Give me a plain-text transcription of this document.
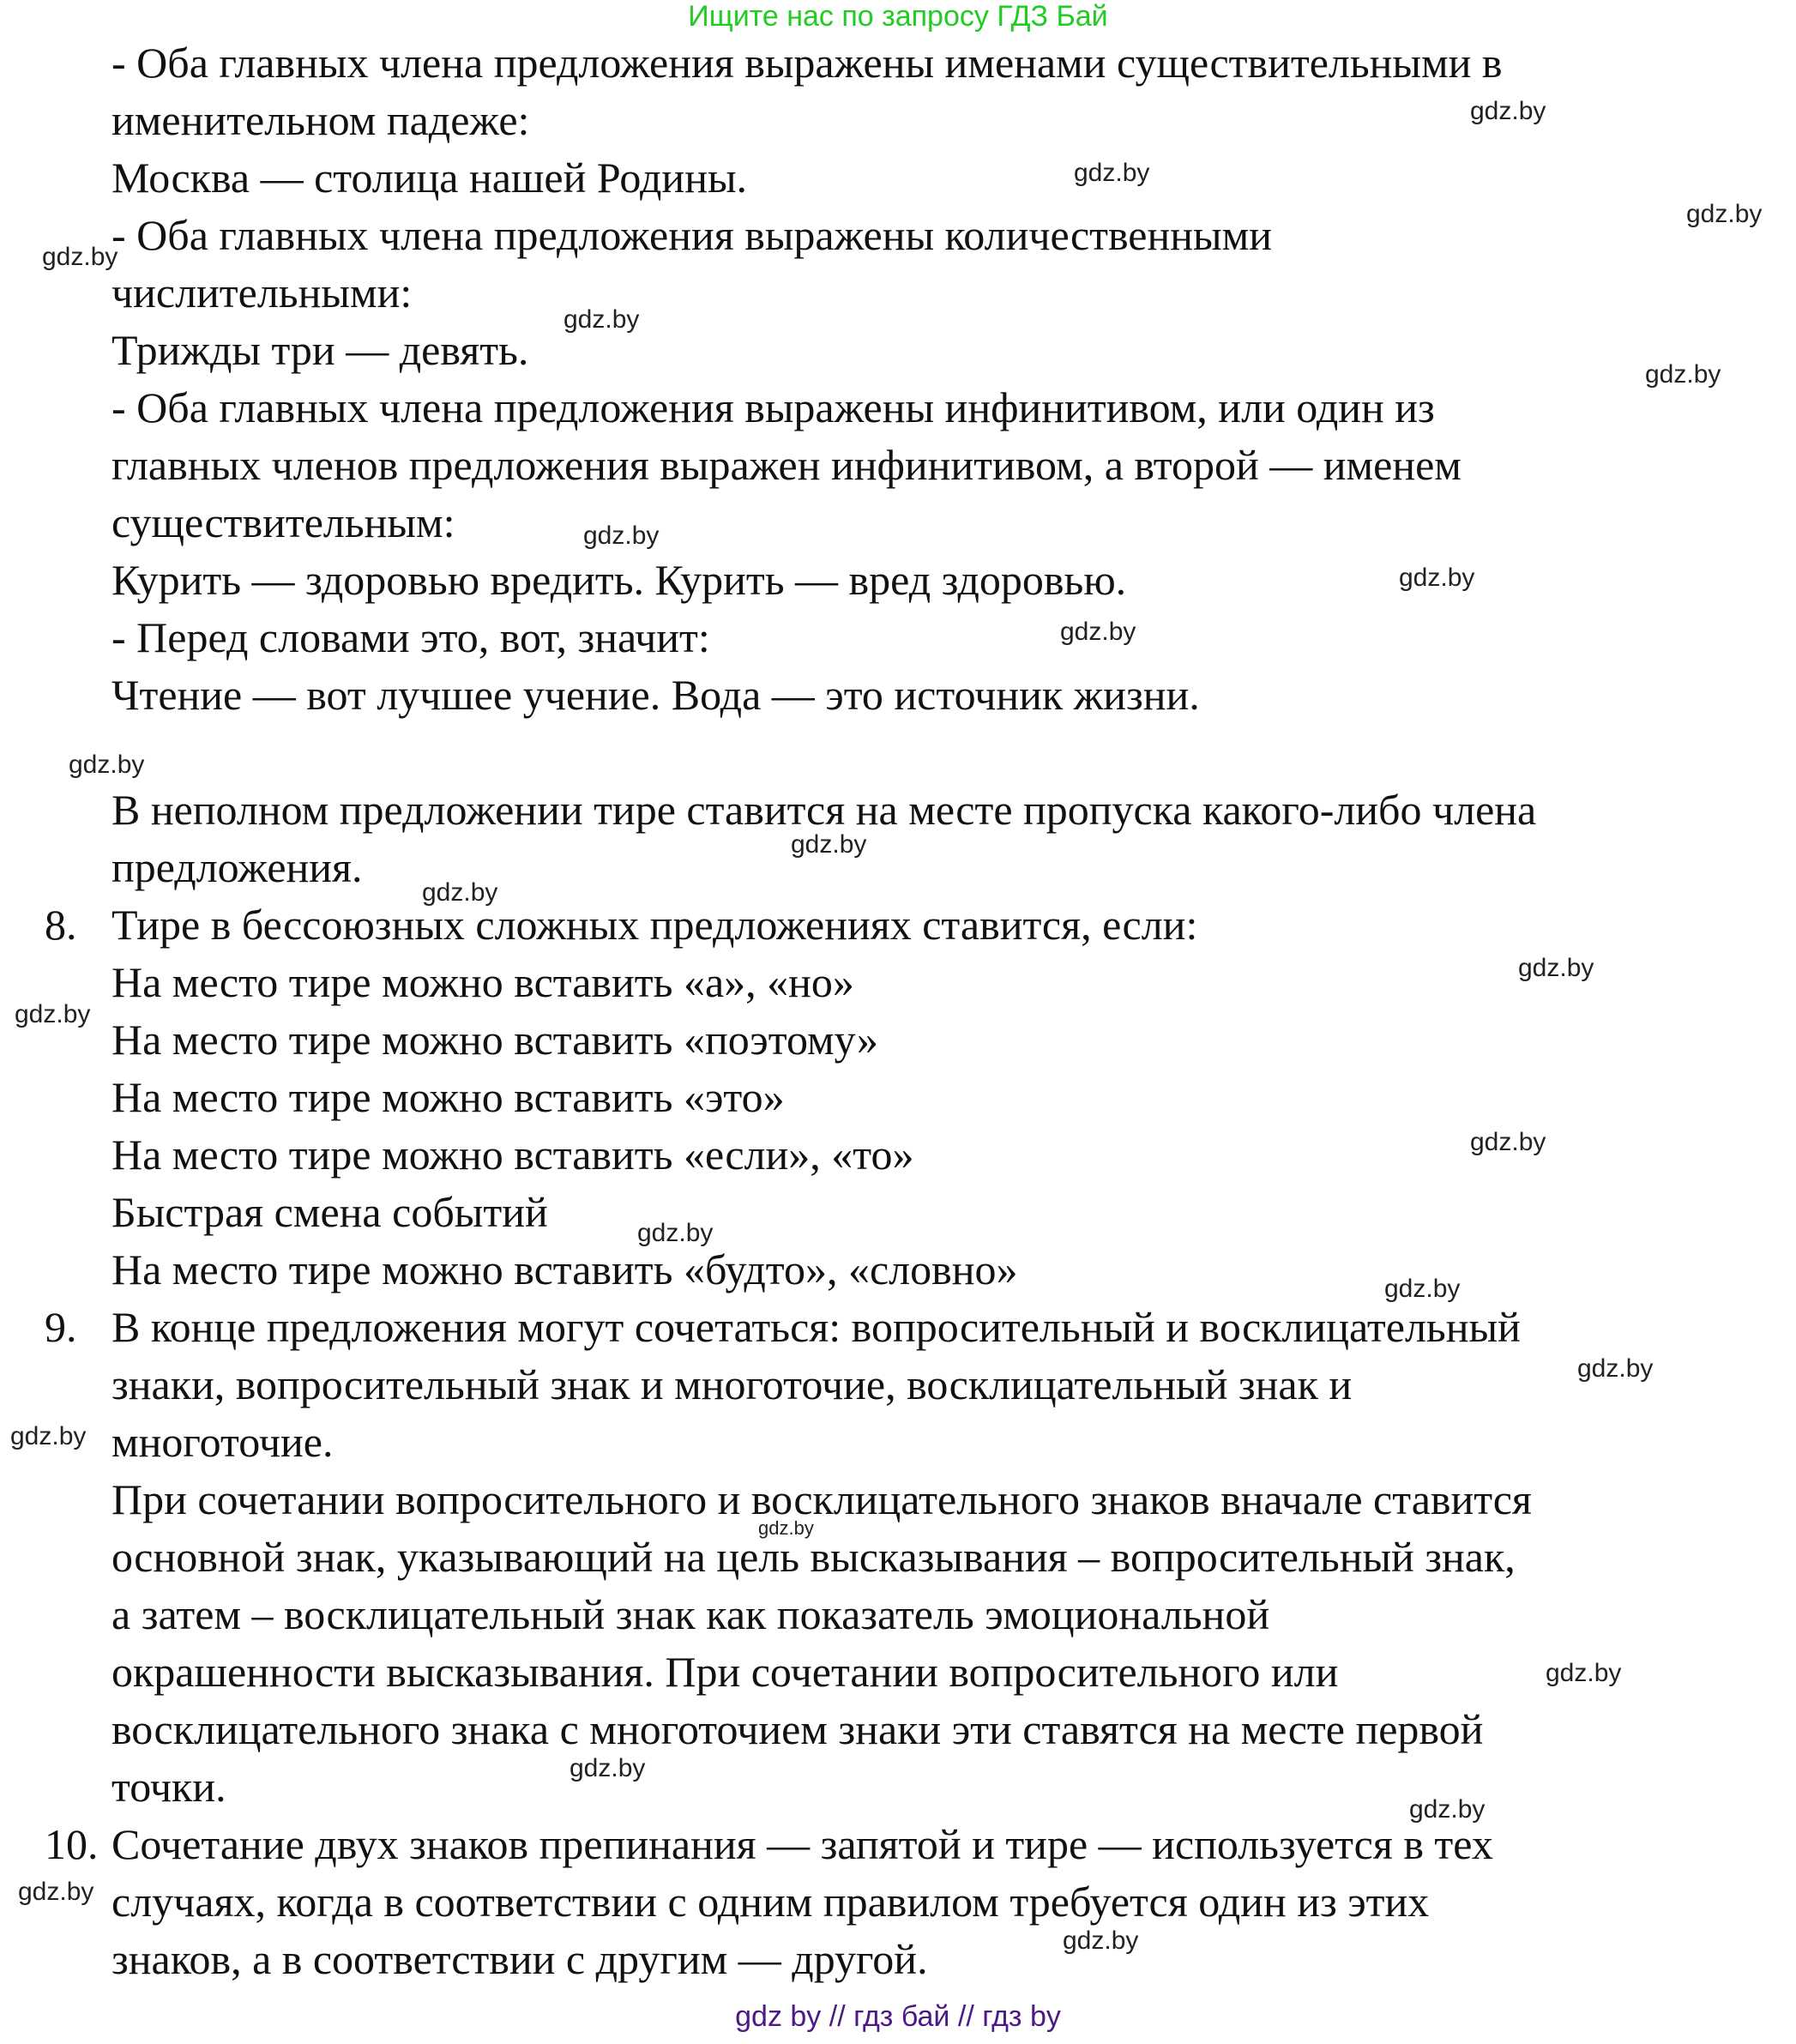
Ищите нас по запросу ГДЗ Бай
- Оба главных члена предложения выражены именами существительными в
именительном падеже:
Москва — столица нашей Родины.
- Оба главных члена предложения выражены количественными
числительными:
Трижды три — девять.
- Оба главных члена предложения выражены инфинитивом, или один из
главных членов предложения выражен инфинитивом, а второй — именем
существительным:
Курить — здоровью вредить. Курить — вред здоровью.
- Перед словами это, вот, значит:
Чтение — вот лучшее учение. Вода — это источник жизни.
В неполном предложении тире ставится на месте пропуска какого-либо члена
предложения.
8. Тире в бессоюзных сложных предложениях ставится, если:
На место тире можно вставить «а», «но»
На место тире можно вставить «поэтому»
На место тире можно вставить «это»
На место тире можно вставить «если», «то»
Быстрая смена событий
На место тире можно вставить «будто», «словно»
9. В конце предложения могут сочетаться: вопросительный и восклицательный
знаки, вопросительный знак и многоточие, восклицательный знак и
многоточие.
При сочетании вопросительного и восклицательного знаков вначале ставится
основной знак, указывающий на цель высказывания – вопросительный знак,
а затем – восклицательный знак как показатель эмоциональной
окрашенности высказывания. При сочетании вопросительного или
восклицательного знака с многоточием знаки эти ставятся на месте первой
точки.
10. Сочетание двух знаков препинания — запятой и тире — используется в тех
случаях, когда в соответствии с одним правилом требуется один из этих
знаков, а в соответствии с другим — другой.
gdz.by
gdz.by
gdz.by
gdz.by
gdz.by
gdz.by
gdz.by
gdz.by
gdz.by
gdz.by
gdz.by
gdz.by
gdz.by
gdz.by
gdz.by
gdz.by
gdz.by
gdz.by
gdz.by
gdz.by
gdz.by
gdz.by
gdz.by
gdz.by
gdz.by
gdz by // гдз бай // гдз by
